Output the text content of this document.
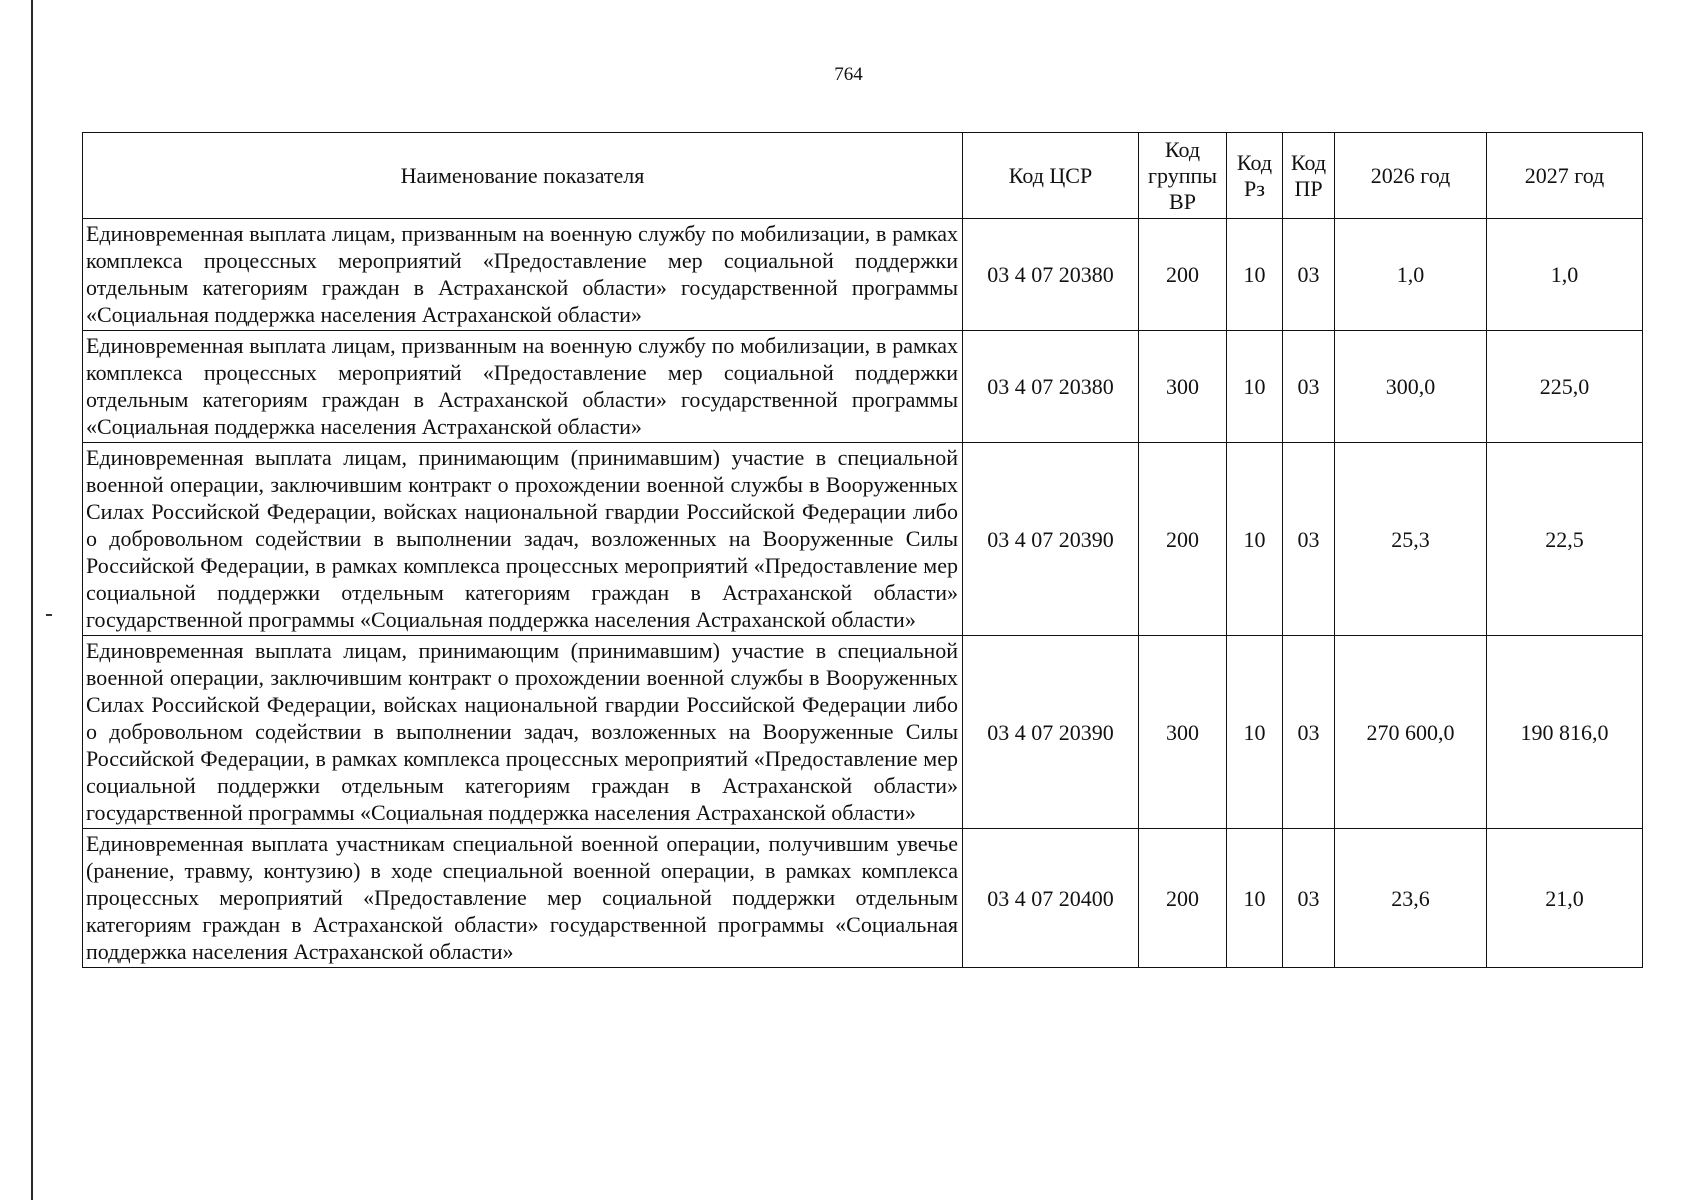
764
Наименование показателя	Код ЦСР	Код группы ВР	Код Рз	Код ПР	2026 год	2027 год
Единовременная выплата лицам, призванным на военную службу по мобилизации, в рамках комплекса процессных мероприятий «Предоставление мер социальной поддержки отдельным категориям граждан в Астраханской области» государственной программы «Социальная поддержка населения Астраханской области»	03 4 07 20380	200	10	03	1,0	1,0
Единовременная выплата лицам, призванным на военную службу по мобилизации, в рамках комплекса процессных мероприятий «Предоставление мер социальной поддержки отдельным категориям граждан в Астраханской области» государственной программы «Социальная поддержка населения Астраханской области»	03 4 07 20380	300	10	03	300,0	225,0
Единовременная выплата лицам, принимающим (принимавшим) участие в специальной военной операции, заключившим контракт о прохождении военной службы в Вооруженных Силах Российской Федерации, войсках национальной гвардии Российской Федерации либо о добровольном содействии в выполнении задач, возложенных на Вооруженные Силы Российской Федерации, в рамках комплекса процессных мероприятий «Предоставление мер социальной поддержки отдельным категориям граждан в Астраханской области» государственной программы «Социальная поддержка населения Астраханской области»	03 4 07 20390	200	10	03	25,3	22,5
Единовременная выплата лицам, принимающим (принимавшим) участие в специальной военной операции, заключившим контракт о прохождении военной службы в Вооруженных Силах Российской Федерации, войсках национальной гвардии Российской Федерации либо о добровольном содействии в выполнении задач, возложенных на Вооруженные Силы Российской Федерации, в рамках комплекса процессных мероприятий «Предоставление мер социальной поддержки отдельным категориям граждан в Астраханской области» государственной программы «Социальная поддержка населения Астраханской области»	03 4 07 20390	300	10	03	270 600,0	190 816,0
Единовременная выплата участникам специальной военной операции, получившим увечье (ранение, травму, контузию) в ходе специальной военной операции, в рамках комплекса процессных мероприятий «Предоставление мер социальной поддержки отдельным категориям граждан в Астраханской области» государственной программы «Социальная поддержка населения Астраханской области»	03 4 07 20400	200	10	03	23,6	21,0
